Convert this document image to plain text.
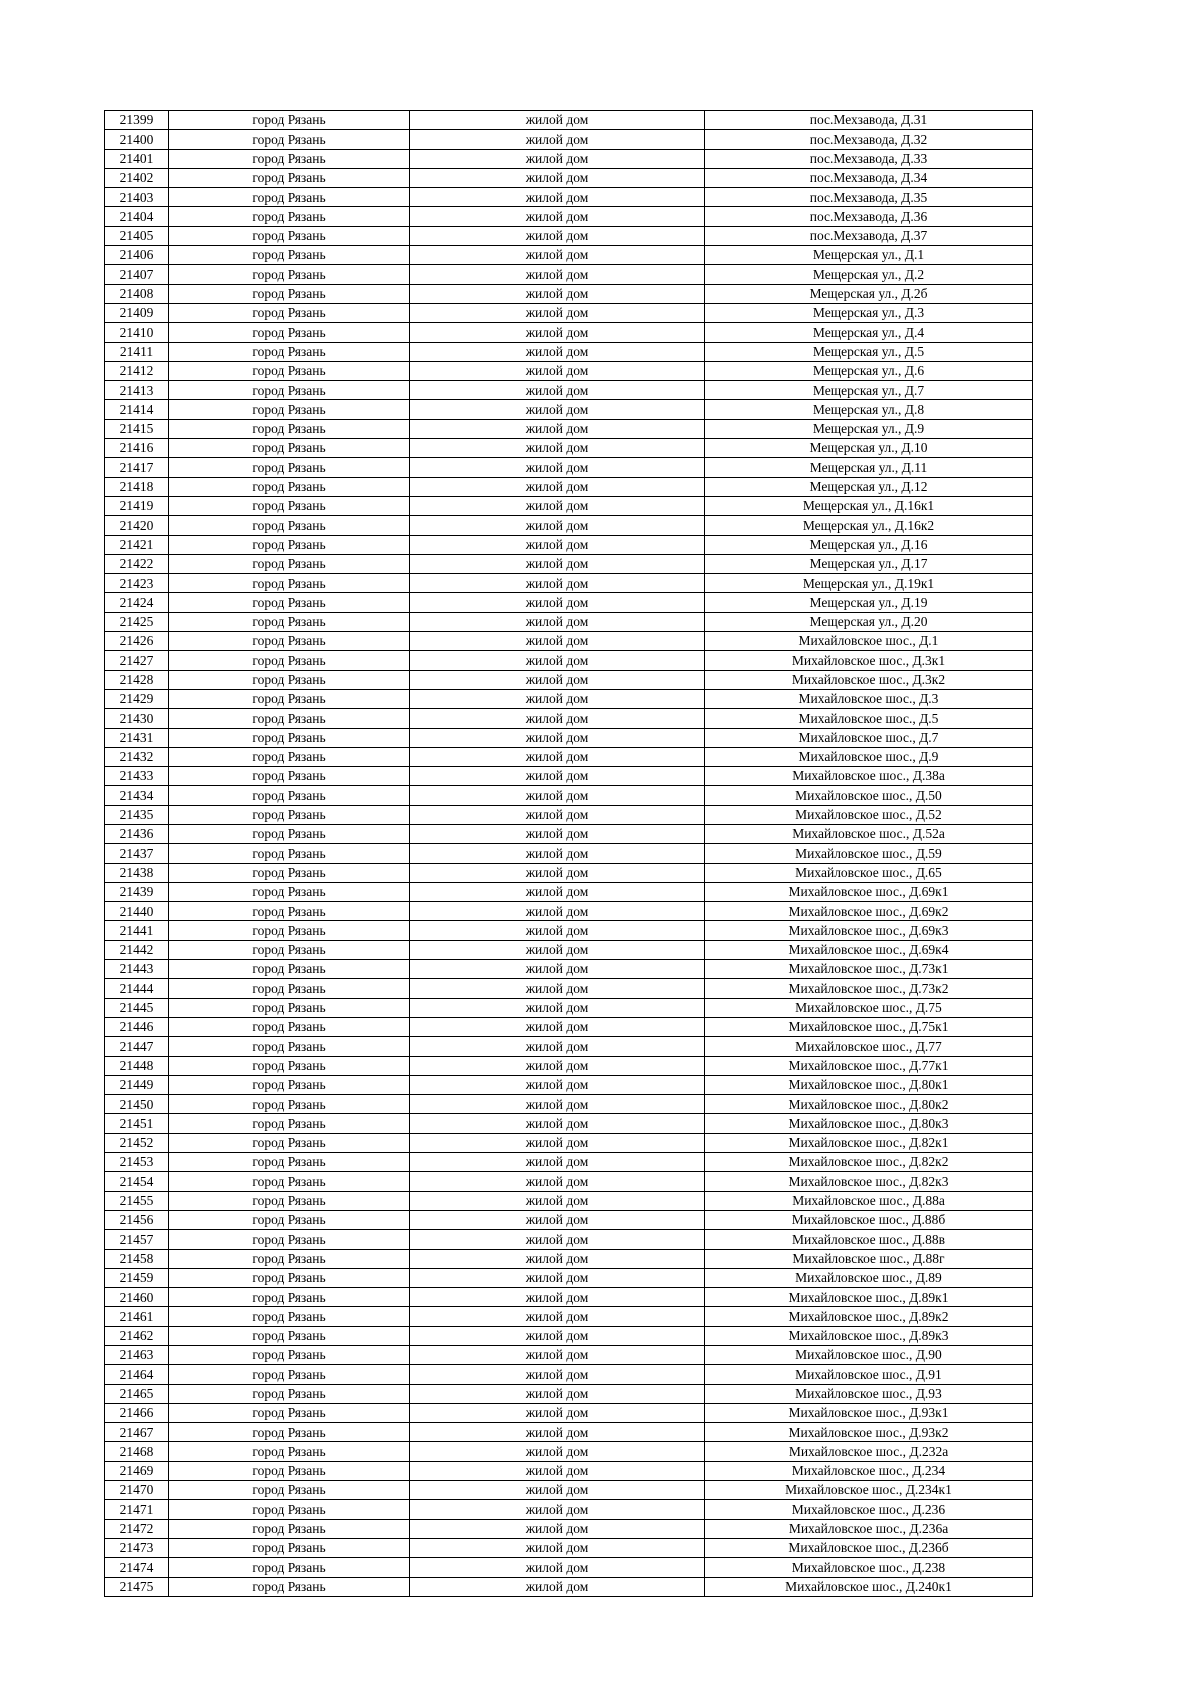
21399	город Рязань	жилой дом	пос.Мехзавода, Д.31
21400	город Рязань	жилой дом	пос.Мехзавода, Д.32
21401	город Рязань	жилой дом	пос.Мехзавода, Д.33
21402	город Рязань	жилой дом	пос.Мехзавода, Д.34
21403	город Рязань	жилой дом	пос.Мехзавода, Д.35
21404	город Рязань	жилой дом	пос.Мехзавода, Д.36
21405	город Рязань	жилой дом	пос.Мехзавода, Д.37
21406	город Рязань	жилой дом	Мещерская ул., Д.1
21407	город Рязань	жилой дом	Мещерская ул., Д.2
21408	город Рязань	жилой дом	Мещерская ул., Д.2б
21409	город Рязань	жилой дом	Мещерская ул., Д.3
21410	город Рязань	жилой дом	Мещерская ул., Д.4
21411	город Рязань	жилой дом	Мещерская ул., Д.5
21412	город Рязань	жилой дом	Мещерская ул., Д.6
21413	город Рязань	жилой дом	Мещерская ул., Д.7
21414	город Рязань	жилой дом	Мещерская ул., Д.8
21415	город Рязань	жилой дом	Мещерская ул., Д.9
21416	город Рязань	жилой дом	Мещерская ул., Д.10
21417	город Рязань	жилой дом	Мещерская ул., Д.11
21418	город Рязань	жилой дом	Мещерская ул., Д.12
21419	город Рязань	жилой дом	Мещерская ул., Д.16к1
21420	город Рязань	жилой дом	Мещерская ул., Д.16к2
21421	город Рязань	жилой дом	Мещерская ул., Д.16
21422	город Рязань	жилой дом	Мещерская ул., Д.17
21423	город Рязань	жилой дом	Мещерская ул., Д.19к1
21424	город Рязань	жилой дом	Мещерская ул., Д.19
21425	город Рязань	жилой дом	Мещерская ул., Д.20
21426	город Рязань	жилой дом	Михайловское шос., Д.1
21427	город Рязань	жилой дом	Михайловское шос., Д.3к1
21428	город Рязань	жилой дом	Михайловское шос., Д.3к2
21429	город Рязань	жилой дом	Михайловское шос., Д.3
21430	город Рязань	жилой дом	Михайловское шос., Д.5
21431	город Рязань	жилой дом	Михайловское шос., Д.7
21432	город Рязань	жилой дом	Михайловское шос., Д.9
21433	город Рязань	жилой дом	Михайловское шос., Д.38а
21434	город Рязань	жилой дом	Михайловское шос., Д.50
21435	город Рязань	жилой дом	Михайловское шос., Д.52
21436	город Рязань	жилой дом	Михайловское шос., Д.52а
21437	город Рязань	жилой дом	Михайловское шос., Д.59
21438	город Рязань	жилой дом	Михайловское шос., Д.65
21439	город Рязань	жилой дом	Михайловское шос., Д.69к1
21440	город Рязань	жилой дом	Михайловское шос., Д.69к2
21441	город Рязань	жилой дом	Михайловское шос., Д.69к3
21442	город Рязань	жилой дом	Михайловское шос., Д.69к4
21443	город Рязань	жилой дом	Михайловское шос., Д.73к1
21444	город Рязань	жилой дом	Михайловское шос., Д.73к2
21445	город Рязань	жилой дом	Михайловское шос., Д.75
21446	город Рязань	жилой дом	Михайловское шос., Д.75к1
21447	город Рязань	жилой дом	Михайловское шос., Д.77
21448	город Рязань	жилой дом	Михайловское шос., Д.77к1
21449	город Рязань	жилой дом	Михайловское шос., Д.80к1
21450	город Рязань	жилой дом	Михайловское шос., Д.80к2
21451	город Рязань	жилой дом	Михайловское шос., Д.80к3
21452	город Рязань	жилой дом	Михайловское шос., Д.82к1
21453	город Рязань	жилой дом	Михайловское шос., Д.82к2
21454	город Рязань	жилой дом	Михайловское шос., Д.82к3
21455	город Рязань	жилой дом	Михайловское шос., Д.88а
21456	город Рязань	жилой дом	Михайловское шос., Д.88б
21457	город Рязань	жилой дом	Михайловское шос., Д.88в
21458	город Рязань	жилой дом	Михайловское шос., Д.88г
21459	город Рязань	жилой дом	Михайловское шос., Д.89
21460	город Рязань	жилой дом	Михайловское шос., Д.89к1
21461	город Рязань	жилой дом	Михайловское шос., Д.89к2
21462	город Рязань	жилой дом	Михайловское шос., Д.89к3
21463	город Рязань	жилой дом	Михайловское шос., Д.90
21464	город Рязань	жилой дом	Михайловское шос., Д.91
21465	город Рязань	жилой дом	Михайловское шос., Д.93
21466	город Рязань	жилой дом	Михайловское шос., Д.93к1
21467	город Рязань	жилой дом	Михайловское шос., Д.93к2
21468	город Рязань	жилой дом	Михайловское шос., Д.232а
21469	город Рязань	жилой дом	Михайловское шос., Д.234
21470	город Рязань	жилой дом	Михайловское шос., Д.234к1
21471	город Рязань	жилой дом	Михайловское шос., Д.236
21472	город Рязань	жилой дом	Михайловское шос., Д.236а
21473	город Рязань	жилой дом	Михайловское шос., Д.236б
21474	город Рязань	жилой дом	Михайловское шос., Д.238
21475	город Рязань	жилой дом	Михайловское шос., Д.240к1
